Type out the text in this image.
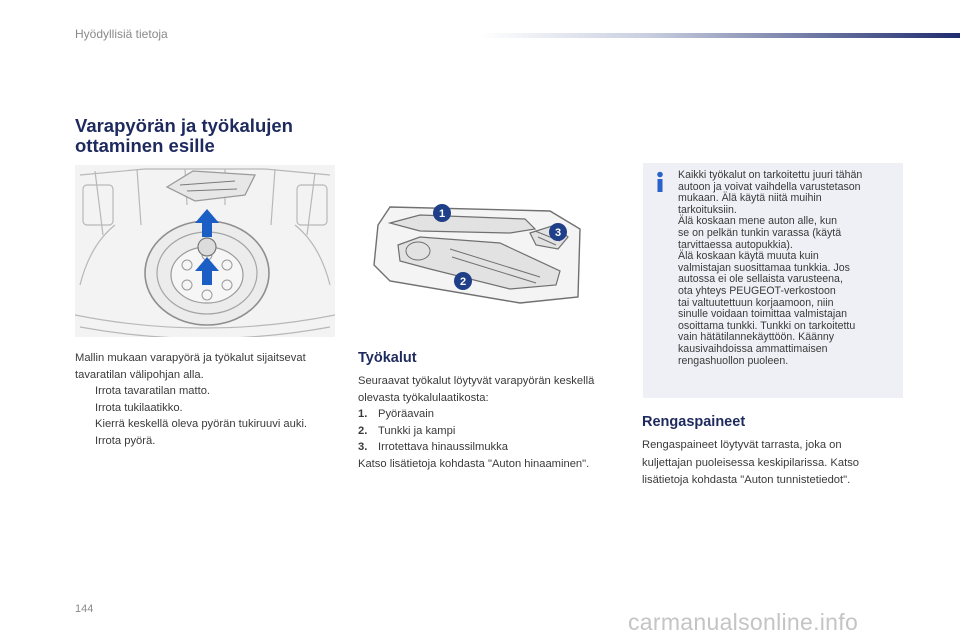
Hyödyllisiä tietoja
Varapyörän ja työkalujen
ottaminen esille
1
2
3
Mallin mukaan varapyörä ja työkalut sijaitsevat tavaratilan välipohjan alla.
Irrota tavaratilan matto.
Irrota tukilaatikko.
Kierrä keskellä oleva pyörän tukiruuvi auki.
Irrota pyörä.
Työkalut
Seuraavat työkalut löytyvät varapyörän keskellä olevasta työkalulaatikosta:
1. Pyöräavain
2. Tunkki ja kampi
3. Irrotettava hinaussilmukka
Katso lisätietoja kohdasta "Auton hinaaminen".
Kaikki työkalut on tarkoitettu juuri tähän
autoon ja voivat vaihdella varustetason
mukaan. Älä käytä niitä muihin
tarkoituksiin.
Älä koskaan mene auton alle, kun
se on pelkän tunkin varassa (käytä
tarvittaessa autopukkia).
Älä koskaan käytä muuta kuin
valmistajan suosittamaa tunkkia. Jos
autossa ei ole sellaista varusteena,
ota yhteys PEUGEOT-verkostoon
tai valtuutettuun korjaamoon, niin
sinulle voidaan toimittaa valmistajan
osoittama tunkki. Tunkki on tarkoitettu
vain hätätilannekäyttöön. Käänny
kausivaihdoissa ammattimaisen
rengashuollon puoleen.
Rengaspaineet
Rengaspaineet löytyvät tarrasta, joka on kuljettajan puoleisessa keskipilarissa. Katso lisätietoja kohdasta "Auton tunnistetiedot".
144	carmanualsonline.info
